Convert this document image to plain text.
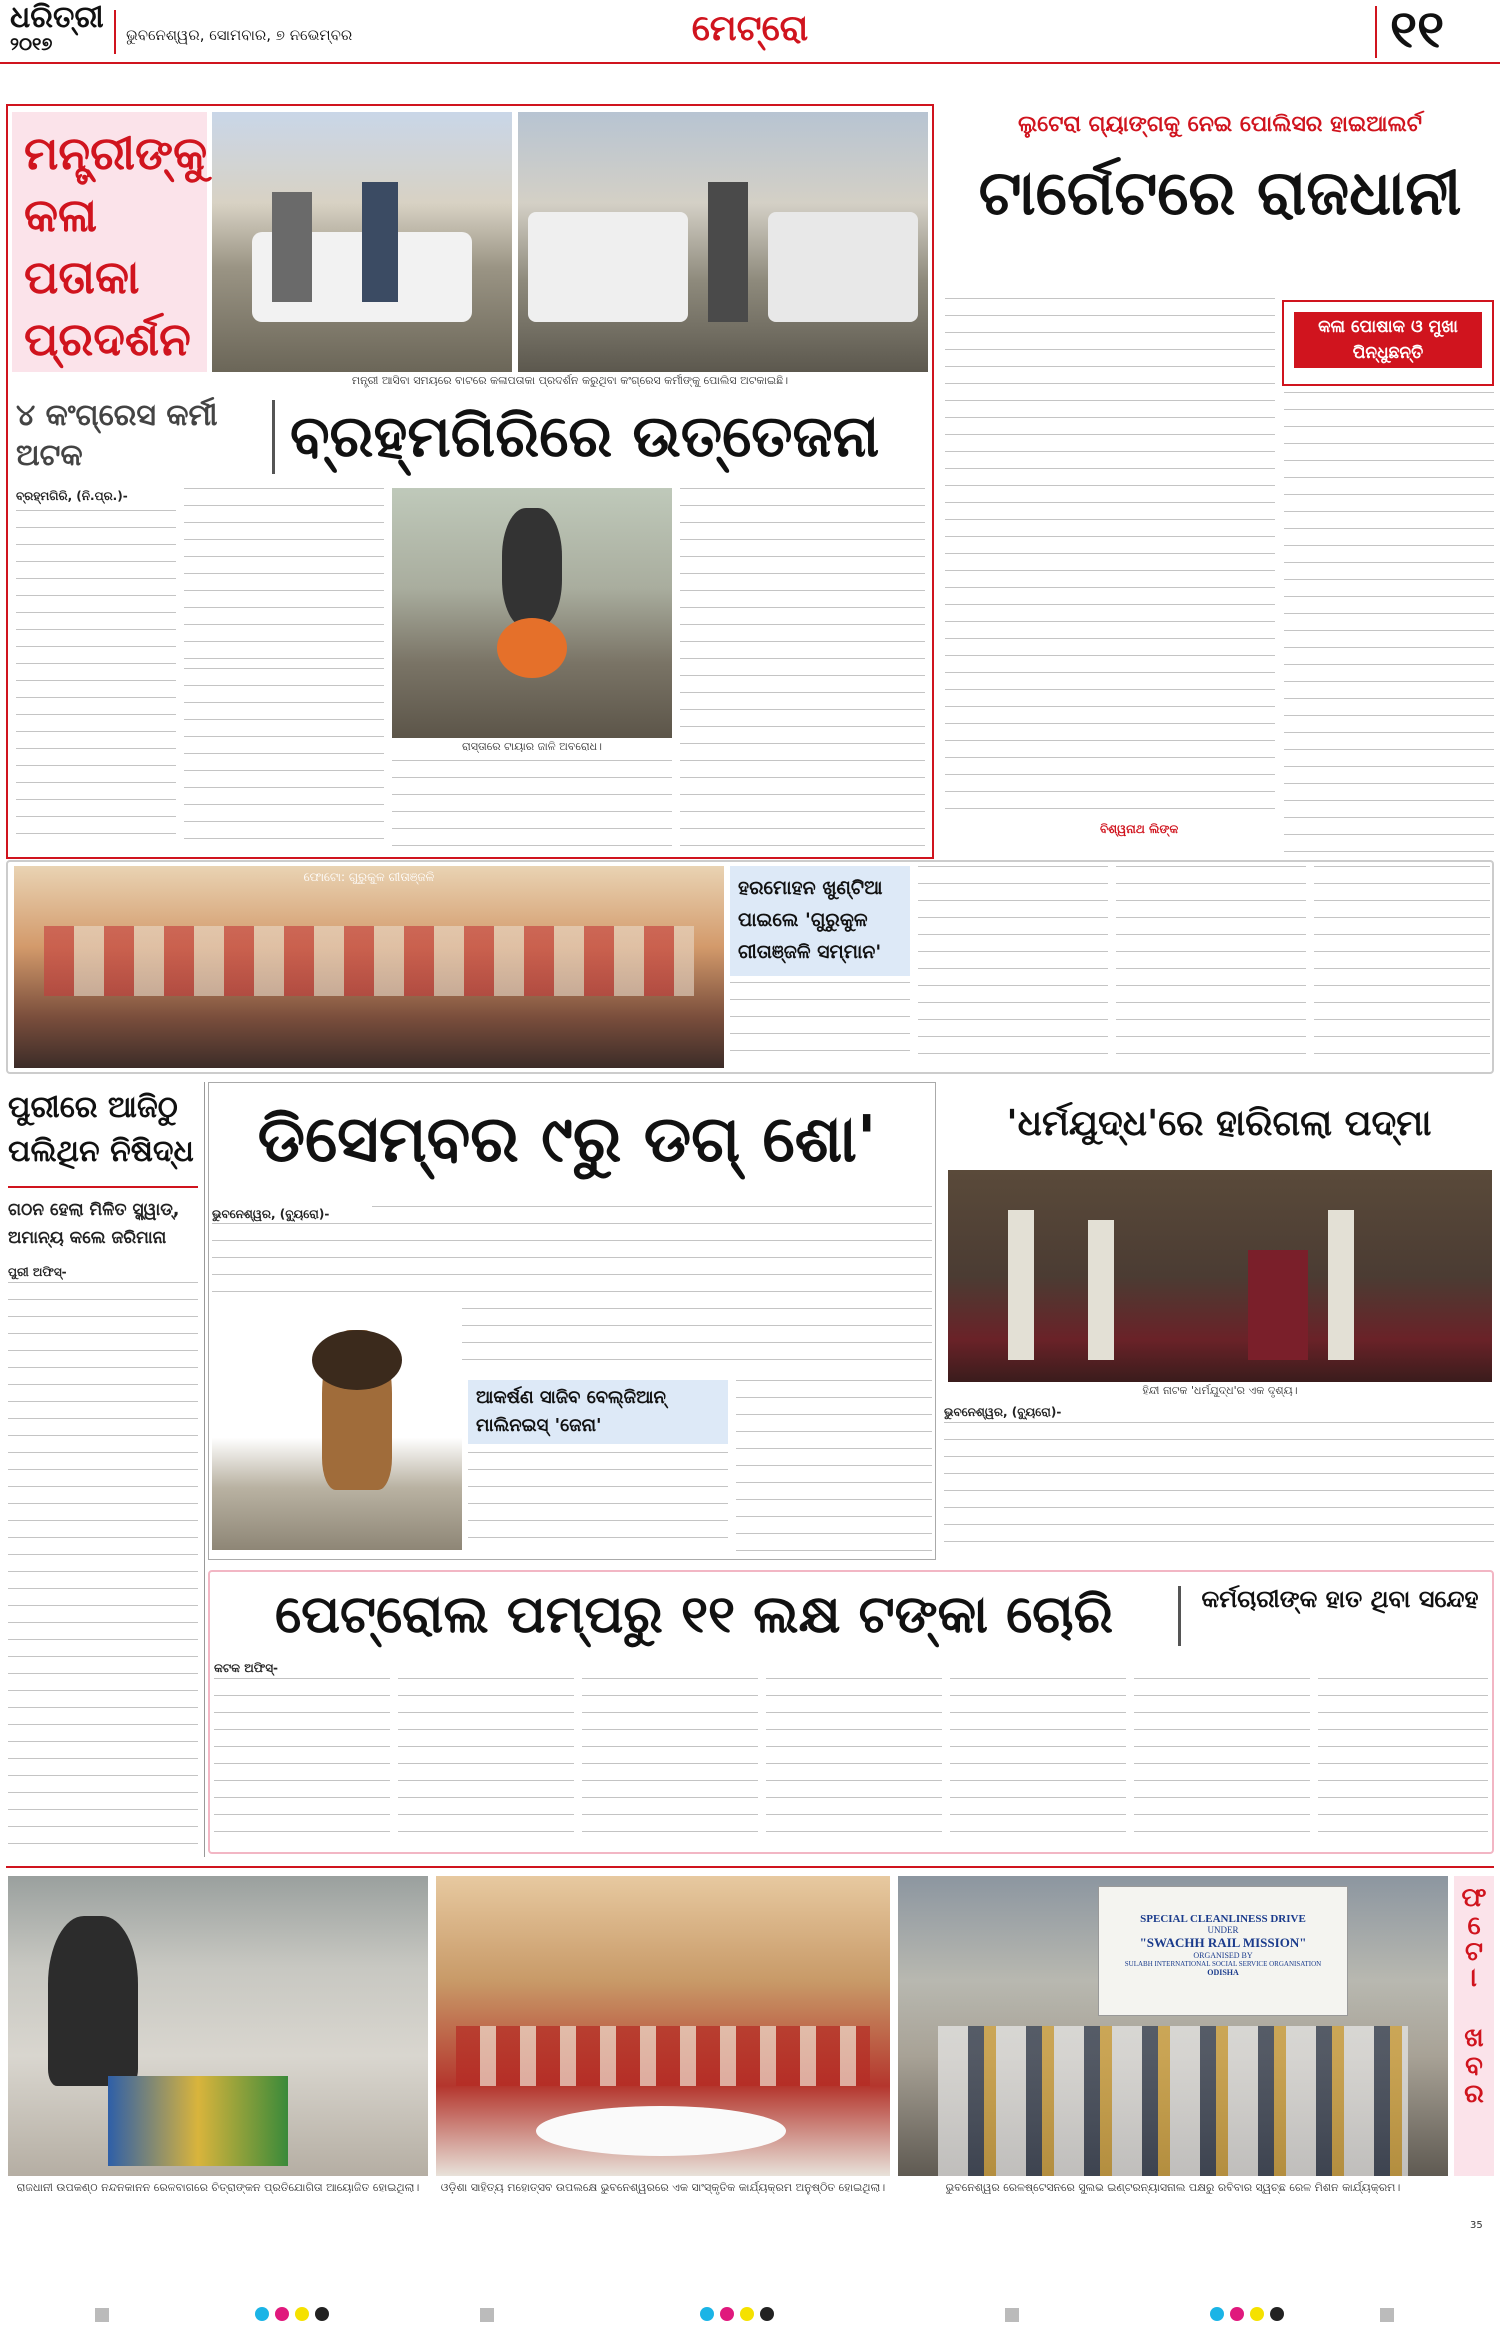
ଧରିତ୍ରୀ
୨୦୧୭	ଭୁବନେଶ୍ୱର, ସୋମବାର, ୭ ନଭେମ୍ବର	ମେଟ୍ରୋ	୧୧
ମନ୍ତ୍ରୀଙ୍କୁ କଳା ପତାକା ପ୍ରଦର୍ଶନ
ମନ୍ତ୍ରୀ ଆସିବା ସମୟରେ ବାଟରେ କଳାପତାକା ପ୍ରଦର୍ଶନ କରୁଥିବା କଂଗ୍ରେସ କର୍ମୀଙ୍କୁ ପୋଲିସ ଅଟକାଇଛି।
୪ କଂଗ୍ରେସ କର୍ମୀ ଅଟକ	ବ୍ରହ୍ମଗିରିରେ ଉତ୍ତେଜନା
ବ୍ରହ୍ମଗିରି, (ନି.ପ୍ର.)-
ରାସ୍ତାରେ ଟାୟାର ଜାଳି ଅବରୋଧ।
ଲୁଟେରା ଗ୍ୟାଙ୍ଗକୁ ନେଇ ପୋଲିସର ହାଇଆଲର୍ଟ
ଟାର୍ଗେଟରେ ରାଜଧାନୀ
ବିଶ୍ୱନାଥ ଲିଙ୍କ
କଳା ପୋଷାକ ଓ ମୁଖା ପିନ୍ଧୁଛନ୍ତି
ଫୋଟୋ: ଗୁରୁକୁଳ ଗୀତାଞ୍ଜଳି	ହରମୋହନ ଖୁଣ୍ଟିଆ ପାଇଲେ 'ଗୁରୁକୁଳ ଗୀତାଞ୍ଜଳି ସମ୍ମାନ'
ପୁରୀରେ ଆଜିଠୁ ପଲିଥିନ ନିଷିଦ୍ଧ
ଗଠନ ହେଲା ମିଳିତ ସ୍କ୍ୱାଡ୍, ଅମାନ୍ୟ କଲେ ଜରିମାନା
ପୁରୀ ଅଫିସ୍-
ଡିସେମ୍ବର ୯ରୁ ଡଗ୍ ଶୋ'
ଭୁବନେଶ୍ୱର, (ବ୍ୟୁରୋ)-
ଆକର୍ଷଣ ସାଜିବ ବେଲ୍‌ଜିଆନ୍ ମାଲିନଇସ୍ 'ଜେନା'
'ଧର୍ମଯୁଦ୍ଧ'ରେ ହାରିଗଲା ପଦ୍ମା
ହିନ୍ଦୀ ନାଟକ 'ଧର୍ମଯୁଦ୍ଧ'ର ଏକ ଦୃଶ୍ୟ।
ଭୁବନେଶ୍ୱର, (ବ୍ୟୁରୋ)-
ପେଟ୍ରୋଲ ପମ୍ପରୁ ୧୧ ଲକ୍ଷ ଟଙ୍କା ଚୋରି	କର୍ମଚାରୀଙ୍କ ହାତ ଥିବା ସନ୍ଦେହ
କଟକ ଅଫିସ୍-
ରାଜଧାନୀ ଉପକଣ୍ଠ ନନ୍ଦନକାନନ ରେଳବାଗରେ ଚିତ୍ରାଙ୍କନ ପ୍ରତିଯୋଗିତା ଆୟୋଜିତ ହୋଇଥିଲା।	ଓଡ଼ିଶା ସାହିତ୍ୟ ମହୋତ୍ସବ ଉପଲକ୍ଷେ ଭୁବନେଶ୍ୱରରେ ଏକ ସାଂସ୍କୃତିକ କାର୍ଯ୍ୟକ୍ରମ ଅନୁଷ୍ଠିତ ହୋଇଥିଲା।
SPECIAL CLEANLINESS DRIVE
UNDER
"SWACHH RAIL MISSION"
ORGANISED BY
SULABH INTERNATIONAL SOCIAL SERVICE ORGANISATION
ODISHA
ଭୁବନେଶ୍ୱର ରେଳଷ୍ଟେସନରେ ସୁଲଭ ଇଣ୍ଟରନ୍ୟାସନାଲ ପକ୍ଷରୁ ରବିବାର ସ୍ୱଚ୍ଛ ରେଳ ମିଶନ କାର୍ଯ୍ୟକ୍ରମ।
ଫଟୋ ଖବର
35
